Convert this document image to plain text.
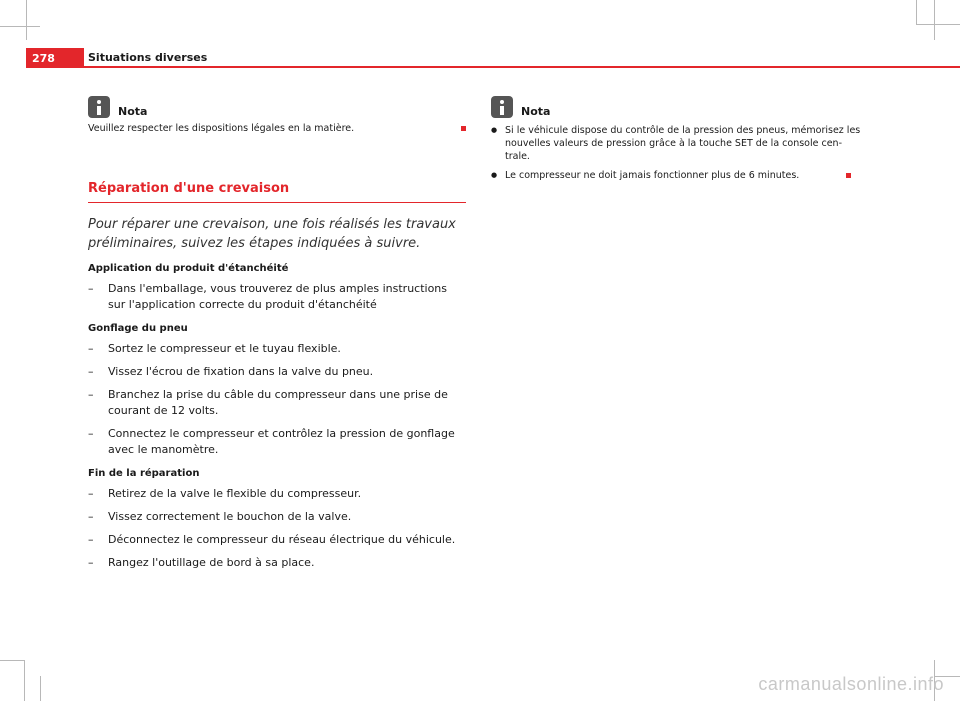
278	Situations diverses
Nota
Veuillez respecter les dispositions légales en la matière.
Réparation d'une crevaison
Pour réparer une crevaison, une fois réalisés les travaux préliminaires, suivez les étapes indiquées à suivre.
Application du produit d'étanchéité
–	Dans l'emballage, vous trouverez de plus amples instructions sur l'application correcte du produit d'étanchéité
Gonflage du pneu
–	Sortez le compresseur et le tuyau flexible.
–	Vissez l'écrou de fixation dans la valve du pneu.
–	Branchez la prise du câble du compresseur dans une prise de courant de 12 volts.
–	Connectez le compresseur et contrôlez la pression de gonflage avec le manomètre.
Fin de la réparation
–	Retirez de la valve le flexible du compresseur.
–	Vissez correctement le bouchon de la valve.
–	Déconnectez le compresseur du réseau électrique du véhicule.
–	Rangez l'outillage de bord à sa place.
Nota
● Si le véhicule dispose du contrôle de la pression des pneus, mémorisez les nouvelles valeurs de pression grâce à la touche SET de la console cen-trale.
● Le compresseur ne doit jamais fonctionner plus de 6 minutes.
carmanualsonline.info
